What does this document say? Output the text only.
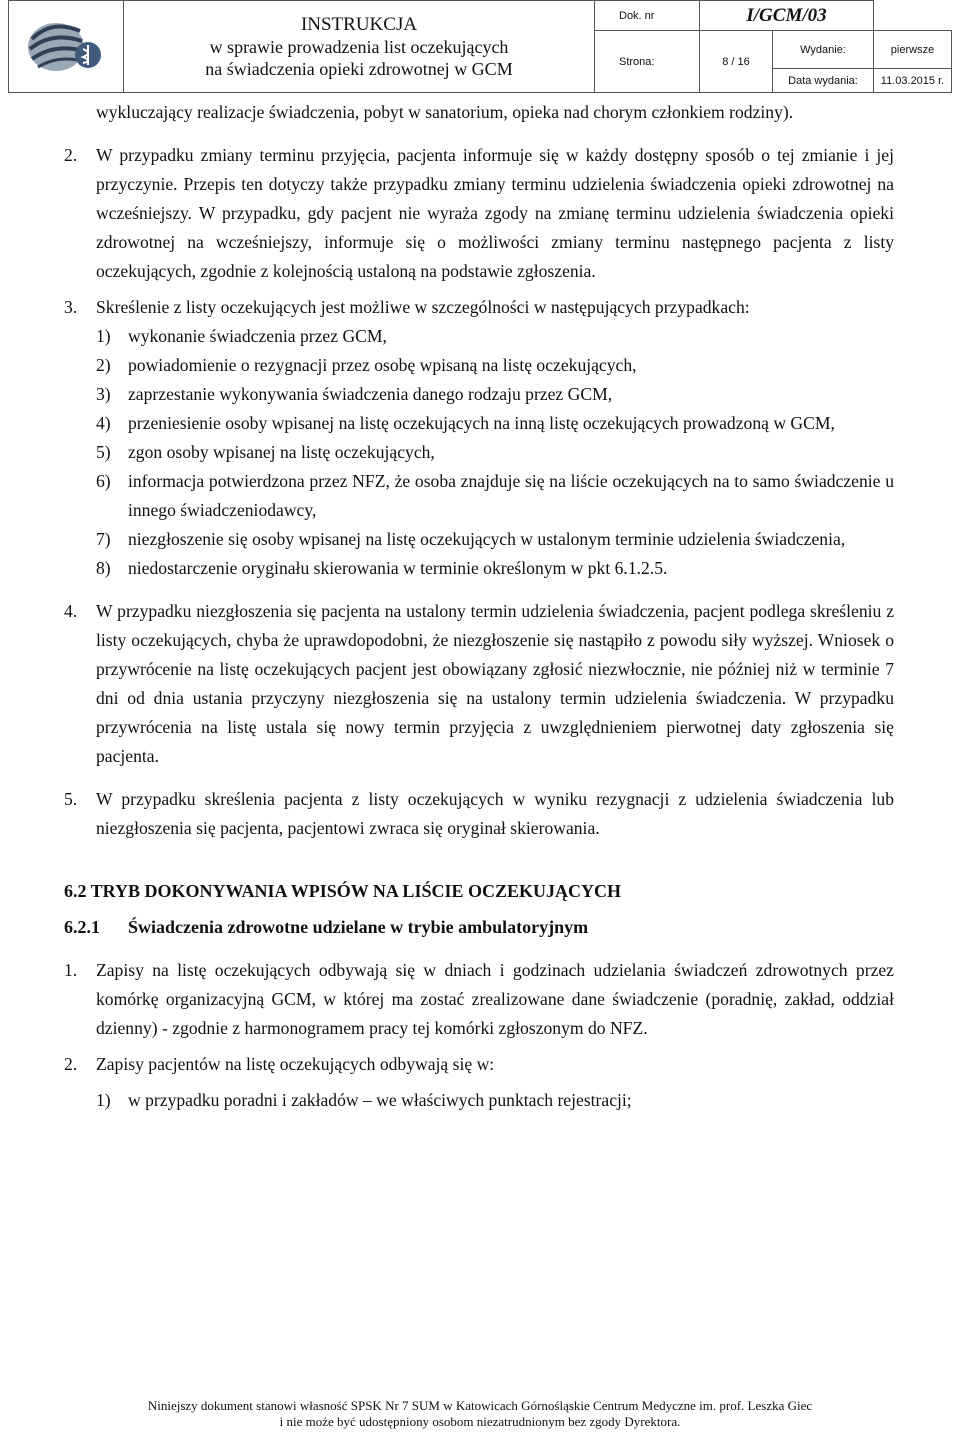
INSTRUKCJA
w sprawie prowadzenia list oczekujących
na świadczenia opieki zdrowotnej w GCM	Dok. nr	I/GCM/03		
		Strona:	8 / 16	Wydanie:	pierwsze
				Data wydania:	11.03.2015 r.
wykluczający realizacje świadczenia, pobyt w sanatorium, opieka nad chorym członkiem rodziny).
2. W przypadku zmiany terminu przyjęcia, pacjenta informuje się w każdy dostępny sposób o tej zmianie i jej przyczynie. Przepis ten dotyczy także przypadku zmiany terminu udzielenia świadczenia opieki zdrowotnej na wcześniejszy. W przypadku, gdy pacjent nie wyraża zgody na zmianę terminu udzielenia świadczenia opieki zdrowotnej na wcześniejszy, informuje się o możliwości zmiany terminu następnego pacjenta z listy oczekujących, zgodnie z kolejnością ustaloną na podstawie zgłoszenia.
3. Skreślenie z listy oczekujących jest możliwe w szczególności w następujących przypadkach:
1) wykonanie świadczenia przez GCM,
2) powiadomienie o rezygnacji przez osobę wpisaną na listę oczekujących,
3) zaprzestanie wykonywania świadczenia danego rodzaju przez GCM,
4) przeniesienie osoby wpisanej na listę oczekujących na inną listę oczekujących prowadzoną w GCM,
5) zgon osoby wpisanej na listę oczekujących,
6) informacja potwierdzona przez NFZ, że osoba znajduje się na liście oczekujących na to samo świadczenie u innego świadczeniodawcy,
7) niezgłoszenie się osoby wpisanej na listę oczekujących w ustalonym terminie udzielenia świadczenia,
8) niedostarczenie oryginału skierowania w terminie określonym w pkt 6.1.2.5.
4. W przypadku niezgłoszenia się pacjenta na ustalony termin udzielenia świadczenia, pacjent podlega skreśleniu z listy oczekujących, chyba że uprawdopodobni, że niezgłoszenie się nastąpiło z powodu siły wyższej. Wniosek o przywrócenie na listę oczekujących pacjent jest obowiązany zgłosić niezwłocznie, nie później niż w terminie 7 dni od dnia ustania przyczyny niezgłoszenia się na ustalony termin udzielenia świadczenia. W przypadku przywrócenia na listę ustala się nowy termin przyjęcia z uwzględnieniem pierwotnej daty zgłoszenia się pacjenta.
5. W przypadku skreślenia pacjenta z listy oczekujących w wyniku rezygnacji z udzielenia świadczenia lub niezgłoszenia się pacjenta, pacjentowi zwraca się oryginał skierowania.
6.2 TRYB DOKONYWANIA WPISÓW NA LIŚCIE OCZEKUJĄCYCH
6.2.1 Świadczenia zdrowotne udzielane w trybie ambulatoryjnym
1. Zapisy na listę oczekujących odbywają się w dniach i godzinach udzielania świadczeń zdrowotnych przez komórkę organizacyjną GCM, w której ma zostać zrealizowane dane świadczenie (poradnię, zakład, oddział dzienny) - zgodnie z harmonogramem pracy tej komórki zgłoszonym do NFZ.
2. Zapisy pacjentów na listę oczekujących odbywają się w:
1) w przypadku poradni i zakładów – we właściwych punktach rejestracji;
Niniejszy dokument stanowi własność SPSK Nr 7 SUM w Katowicach Górnośląskie Centrum Medyczne im. prof. Leszka Giec
i nie może być udostępniony osobom niezatrudnionym bez zgody Dyrektora.
